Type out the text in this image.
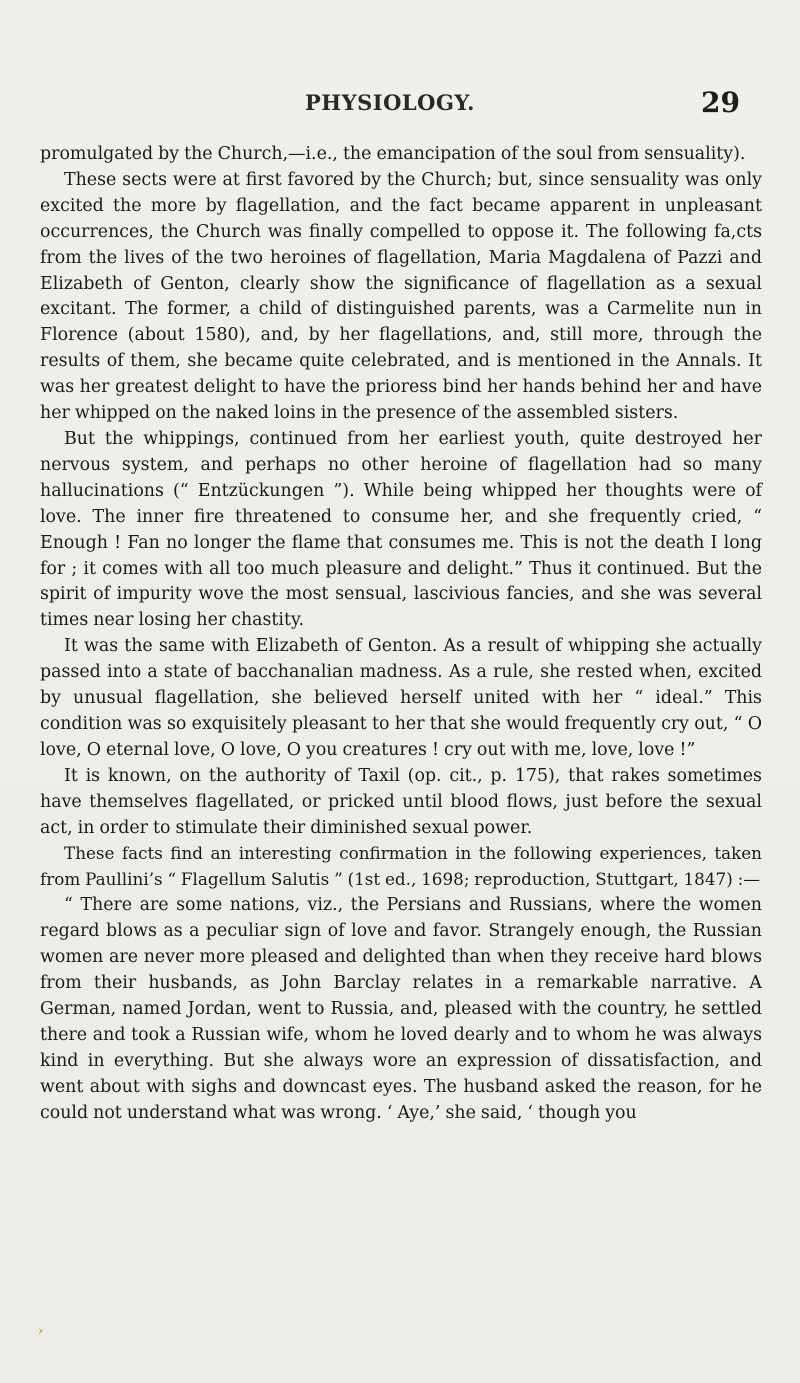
PHYSIOLOGY.	29

promulgated by the Church,—i.e., the emancipation of the soul from sensuality).

These sects were at first favored by the Church; but, since sensuality was only excited the more by flagellation, and the fact became apparent in unpleasant occurrences, the Church was finally compelled to oppose it. The following fa,cts from the lives of the two heroines of flagellation, Maria Magdalena of Pazzi and Elizabeth of Genton, clearly show the significance of flagellation as a sexual excitant. The former, a child of distinguished parents, was a Carmelite nun in Florence (about 1580), and, by her flagellations, and, still more, through the results of them, she became quite celebrated, and is mentioned in the Annals. It was her greatest delight to have the prioress bind her hands behind her and have her whipped on the naked loins in the presence of the assembled sisters.

But the whippings, continued from her earliest youth, quite destroyed her nervous system, and perhaps no other heroine of flagellation had so many hallucinations (“ Entzückungen ”). While being whipped her thoughts were of love. The inner fire threatened to consume her, and she frequently cried, “ Enough ! Fan no longer the flame that consumes me. This is not the death I long for ; it comes with all too much pleasure and delight.” Thus it continued. But the spirit of impurity wove the most sensual, lascivious fancies, and she was several times near losing her chastity.

It was the same with Elizabeth of Genton. As a result of whipping she actually passed into a state of bacchanalian madness. As a rule, she rested when, excited by unusual flagellation, she believed herself united with her “ ideal.” This condition was so exquisitely pleasant to her that she would frequently cry out, “ O love, O eternal love, O love, O you creatures ! cry out with me, love, love !”

It is known, on the authority of Taxil (op. cit., p. 175), that rakes sometimes have themselves flagellated, or pricked until blood flows, just before the sexual act, in order to stimulate their diminished sexual power.

These facts find an interesting confirmation in the following experiences, taken from Paullini’s “ Flagellum Salutis ” (1st ed., 1698; reproduction, Stuttgart, 1847) :—

“ There are some nations, viz., the Persians and Russians, where the women regard blows as a peculiar sign of love and favor. Strangely enough, the Russian women are never more pleased and delighted than when they receive hard blows from their husbands, as John Barclay relates in a remarkable narrative. A German, named Jordan, went to Russia, and, pleased with the country, he settled there and took a Russian wife, whom he loved dearly and to whom he was always kind in everything. But she always wore an expression of dissatisfaction, and went about with sighs and downcast eyes. The husband asked the reason, for he could not understand what was wrong. ‘ Aye,’ she said, ‘ though you

›
